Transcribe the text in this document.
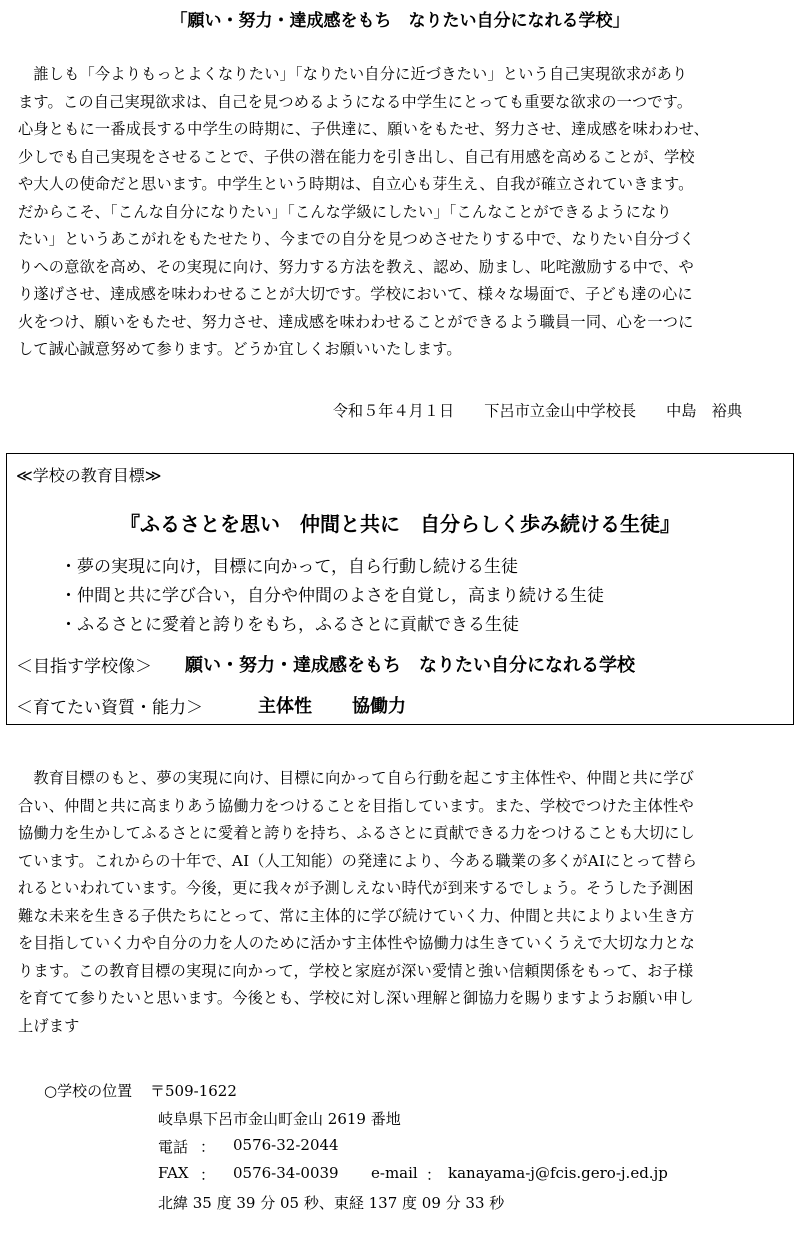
「願い・努力・達成感をもち　なりたい自分になれる学校」
　誰しも「今よりもっとよくなりたい」「なりたい自分に近づきたい」という自己実現欲求があり
ます。この自己実現欲求は、自己を見つめるようになる中学生にとっても重要な欲求の一つです。
心身ともに一番成長する中学生の時期に、子供達に、願いをもたせ、努力させ、達成感を味わわせ、
少しでも自己実現をさせることで、子供の潜在能力を引き出し、自己有用感を高めることが、学校
や大人の使命だと思います。中学生という時期は、自立心も芽生え、自我が確立されていきます。
だからこそ、「こんな自分になりたい」「こんな学級にしたい」「こんなことができるようになり
たい」というあこがれをもたせたり、今までの自分を見つめさせたりする中で、なりたい自分づく
りへの意欲を高め、その実現に向け、努力する方法を教え、認め、励まし、叱咤激励する中で、や
り遂げさせ、達成感を味わわせることが大切です。学校において、様々な場面で、子ども達の心に
火をつけ、願いをもたせ、努力させ、達成感を味わわせることができるよう職員一同、心を一つに
して誠心誠意努めて参ります。どうか宜しくお願いいたします。
令和５年４月１日 下呂市立金山中学校長 中島　裕典
≪学校の教育目標≫
『ふるさとを思い　仲間と共に　自分らしく歩み続ける生徒』
・夢の実現に向け，目標に向かって，自ら行動し続ける生徒
・仲間と共に学び合い，自分や仲間のよさを自覚し，高まり続ける生徒
・ふるさとに愛着と誇りをもち，ふるさとに貢献できる生徒
＜目指す学校像＞ 願い・努力・達成感をもち　なりたい自分になれる学校
＜育てたい資質・能力＞	主体性 協働力
　教育目標のもと、夢の実現に向け、目標に向かって自ら行動を起こす主体性や、仲間と共に学び
合い、仲間と共に高まりあう協働力をつけることを目指しています。また、学校でつけた主体性や
協働力を生かしてふるさとに愛着と誇りを持ち、ふるさとに貢献できる力をつけることも大切にし
ています。これからの十年で、AI（人工知能）の発達により、今ある職業の多くがAIにとって替ら
れるといわれています。今後，更に我々が予測しえない時代が到来するでしょう。そうした予測困
難な未来を生きる子供たちにとって、常に主体的に学び続けていく力、仲間と共によりよい生き方
を目指していく力や自分の力を人のために活かす主体性や協働力は生きていくうえで大切な力とな
ります。この教育目標の実現に向かって，学校と家庭が深い愛情と強い信頼関係をもって、お子様
を育てて参りたいと思います。今後とも、学校に対し深い理解と御協力を賜りますようお願い申し
上げます
○学校の位置 〒509-1622
岐阜県下呂市金山町金山 2619 番地
電話 ： 0576-32-2044
FAX ： 0576-34-0039 e-mail ： kanayama-j@fcis.gero-j.ed.jp
北緯 35 度 39 分 05 秒、東経 137 度 09 分 33 秒
